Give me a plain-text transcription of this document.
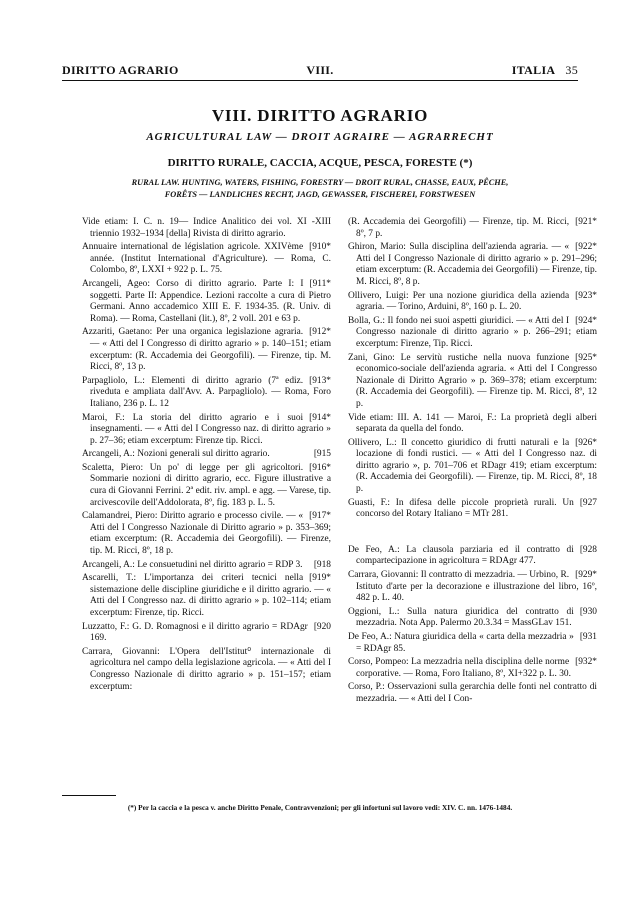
DIRITTO AGRARIO	VIII.	ITALIA 35
VIII. DIRITTO AGRARIO
AGRICULTURAL LAW — DROIT AGRAIRE — AGRARRECHT
DIRITTO RURALE, CACCIA, ACQUE, PESCA, FORESTE (*)
RURAL LAW. HUNTING, WATERS, FISHING, FORESTRY — DROIT RURAL, CHASSE, EAUX, PÊCHE,
FORÊTS — LANDLICHES RECHT, JAGD, GEWASSER, FISCHEREI, FORSTWESEN
Vide etiam: I. C. n. 19— Indice Analitico dei vol. XI -XIII triennio 1932–1934 [della] Rivista di diritto agrario.
[910*
Annuaire international de législation agricole. XXIVème année. (Institut International d'Agriculture). — Roma, C. Colombo, 8º, LXXI + 922 p. L. 75.
[911*
Arcangeli, Ageo: Corso di diritto agrario. Parte I: I soggetti. Parte II: Appendice. Lezioni raccolte a cura di Pietro Germani. Anno accademico XIII E. F. 1934-35. (R. Univ. di Roma). — Roma, Castellani (lit.), 8º, 2 voll. 201 e 63 p.
[912*
Azzariti, Gaetano: Per una organica legislazione agraria. — « Atti del I Congresso di diritto agrario » p. 140–151; etiam excerptum: (R. Accademia dei Georgofili). — Firenze, tip. M. Ricci, 8º, 13 p.
[913*
Parpagliolo, L.: Elementi di diritto agrario (7ª ediz. riveduta e ampliata dall'Avv. A. Parpagliolo). — Roma, Foro Italiano, 236 p. L. 12
[914*
Maroi, F.: La storia del diritto agrario e i suoi insegnamenti. — « Atti del I Congresso naz. di diritto agrario » p. 27–36; etiam excerptum: Firenze tip. Ricci.
[915
Arcangeli, A.: Nozioni generali sul diritto agrario.
[916*
Scaletta, Piero: Un po' di legge per gli agricoltori. Sommarie nozioni di diritto agrario, ecc. Figure illustrative a cura di Giovanni Ferrini. 2ª edit. riv. ampl. e agg. — Varese, tip. arcivescovile dell'Addolorata, 8º, fig. 183 p. L. 5.
[917*
Calamandrei, Piero: Diritto agrario e processo civile. — « Atti del I Congresso Nazionale di Diritto agrario » p. 353–369; etiam excerptum: (R. Accademia dei Georgofili). — Firenze, tip. M. Ricci, 8º, 18 p.
[918
Arcangeli, A.: Le consuetudini nel diritto agrario = RDP 3.
[919*
Ascarelli, T.: L'importanza dei criteri tecnici nella sistemazione delle discipline giuridiche e il diritto agrario. — « Atti del I Congresso naz. di diritto agrario » p. 102–114; etiam excerptum: Firenze, tip. Ricci.
[920
Luzzatto, F.: G. D. Romagnosi e il diritto agrario = RDAgr 169.
Carrara, Giovanni: L'Opera dell'Istitut⁰ internazionale di agricoltura nel campo della legislazione agricola. — « Atti del I Congresso Nazionale di diritto agrario » p. 151–157; etiam excerptum:
[921*
(R. Accademia dei Georgofili) — Firenze, tip. M. Ricci, 8º, 7 p.
[922*
Ghiron, Mario: Sulla disciplina dell'azienda agraria. — « Atti del I Congresso Nazionale di diritto agrario » p. 291–296; etiam excerptum: (R. Accademia dei Georgofili) — Firenze, tip. M. Ricci, 8º, 8 p.
[923*
Ollivero, Luigi: Per una nozione giuridica della azienda agraria. — Torino, Arduini, 8º, 160 p. L. 20.
[924*
Bolla, G.: Il fondo nei suoi aspetti giuridici. — « Atti del I Congresso nazionale di diritto agrario » p. 266–291; etiam excerptum: Firenze, Tip. Ricci.
[925*
Zani, Gino: Le servitù rustiche nella nuova funzione economico-sociale dell'azienda agraria. « Atti del I Congresso Nazionale di Diritto Agrario » p. 369–378; etiam excerptum: (R. Accademia dei Georgofili). — Firenze tip. M. Ricci, 8º, 12 p.
Vide etiam: III. A. 141 — Maroi, F.: La proprietà degli alberi separata da quella del fondo.
[926*
Ollivero, L.: Il concetto giuridico di frutti naturali e la locazione di fondi rustici. — « Atti del I Congresso naz. di diritto agrario », p. 701–706 et RDagr 419; etiam excerptum: (R. Accademia dei Georgofili). — Firenze, tip. M. Ricci, 8º, 18 p.
[927
Guasti, F.: In difesa delle piccole proprietà rurali. Un concorso del Rotary Italiano = MTr 281.
[928
De Feo, A.: La clausola parziaria ed il contratto di compartecipazione in agricoltura = RDAgr 477.
[929*
Carrara, Giovanni: Il contratto di mezzadria. — Urbino, R. Istituto d'arte per la decorazione e illustrazione del libro, 16º, 482 p. L. 40.
[930
Oggioni, L.: Sulla natura giuridica del contratto di mezzadria. Nota App. Palermo 20.3.34 = MassGLav 151.
[931
De Feo, A.: Natura giuridica della « carta della mezzadria » = RDAgr 85.
[932*
Corso, Pompeo: La mezzadria nella disciplina delle norme corporative. — Roma, Foro Italiano, 8º, XI+322 p. L. 30.
Corso, P.: Osservazioni sulla gerarchia delle fonti nel contratto di mezzadria. — « Atti del I Con-
(*) Per la caccia e la pesca v. anche Diritto Penale, Contravvenzioni; per gli infortuni sul lavoro vedi: XIV. C. nn. 1476-1484.
